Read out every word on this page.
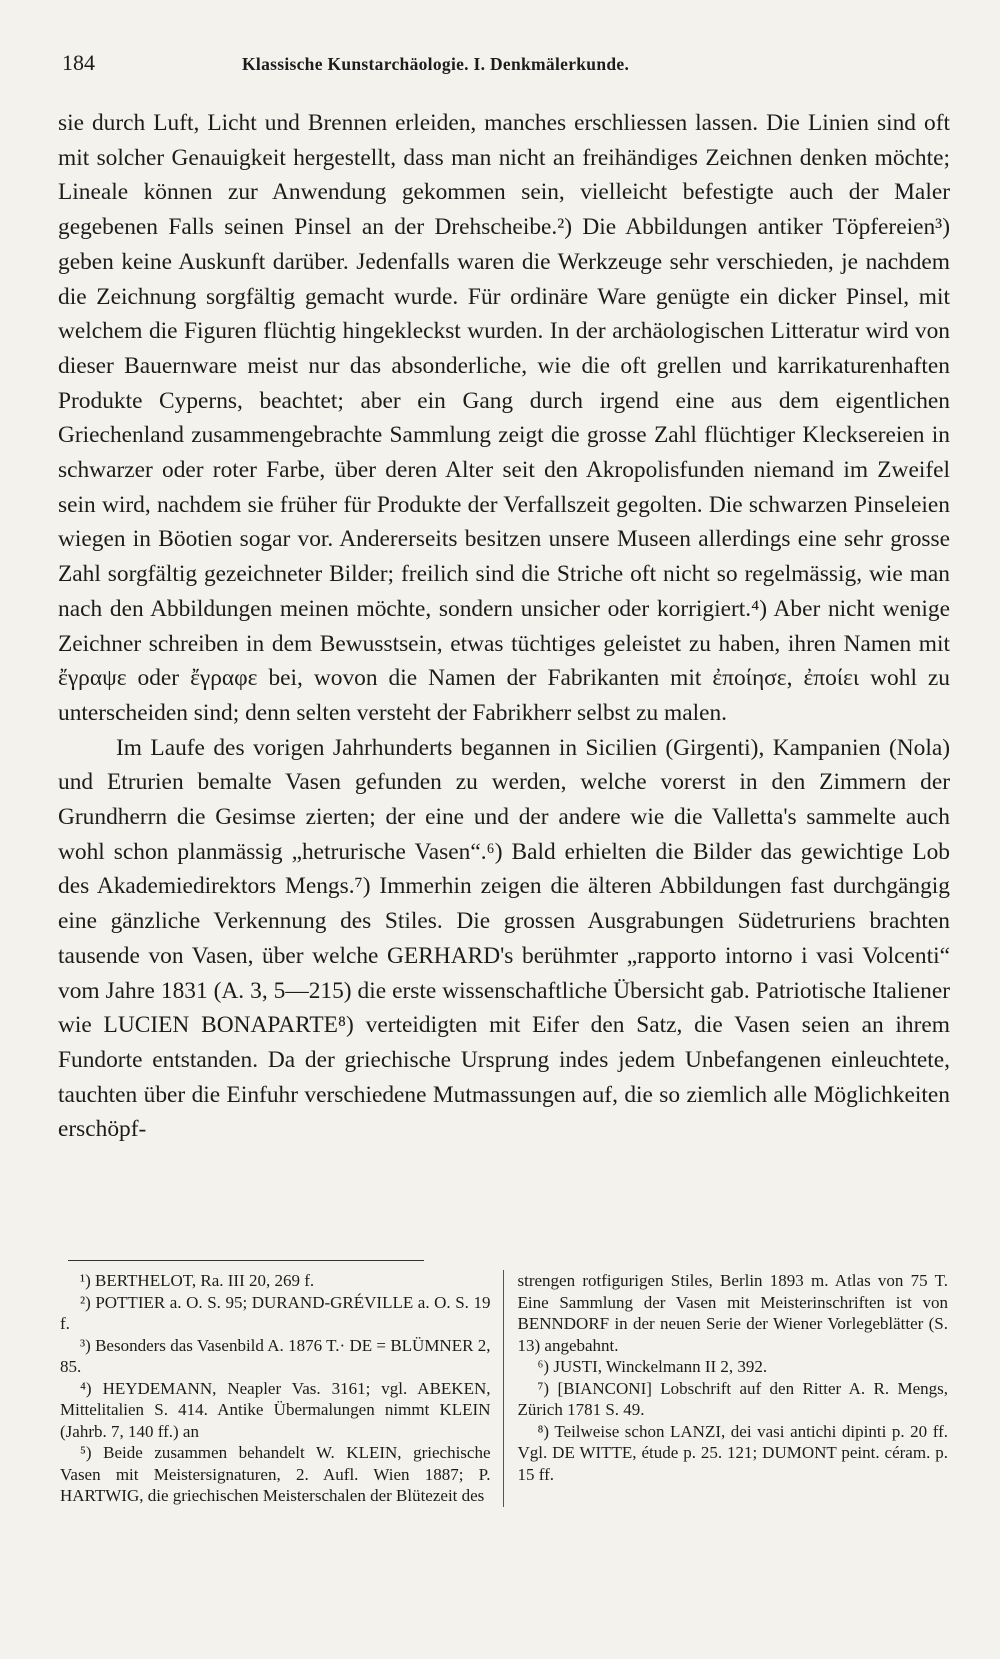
184	Klassische Kunstarchäologie. I. Denkmälerkunde.

sie durch Luft, Licht und Brennen erleiden, manches erschliessen lassen. Die Linien sind oft mit solcher Genauigkeit hergestellt, dass man nicht an freihändiges Zeichnen denken möchte; Lineale können zur Anwendung gekommen sein, vielleicht befestigte auch der Maler gegebenen Falls seinen Pinsel an der Drehscheibe.²) Die Abbildungen antiker Töpfereien³) geben keine Auskunft darüber. Jedenfalls waren die Werkzeuge sehr verschieden, je nachdem die Zeichnung sorgfältig gemacht wurde. Für ordinäre Ware genügte ein dicker Pinsel, mit welchem die Figuren flüchtig hingekleckst wurden. In der archäologischen Litteratur wird von dieser Bauernware meist nur das absonderliche, wie die oft grellen und karrikaturenhaften Produkte Cyperns, beachtet; aber ein Gang durch irgend eine aus dem eigentlichen Griechenland zusammengebrachte Sammlung zeigt die grosse Zahl flüchtiger Klecksereien in schwarzer oder roter Farbe, über deren Alter seit den Akropolisfunden niemand im Zweifel sein wird, nachdem sie früher für Produkte der Verfallszeit gegolten. Die schwarzen Pinseleien wiegen in Böotien sogar vor. Andererseits besitzen unsere Museen allerdings eine sehr grosse Zahl sorgfältig gezeichneter Bilder; freilich sind die Striche oft nicht so regelmässig, wie man nach den Abbildungen meinen möchte, sondern unsicher oder korrigiert.⁴) Aber nicht wenige Zeichner schreiben in dem Bewusstsein, etwas tüchtiges geleistet zu haben, ihren Namen mit ἔγραψε oder ἔγραφε bei, wovon die Namen der Fabrikanten mit ἐποίησε, ἐποίει wohl zu unterscheiden sind; denn selten versteht der Fabrikherr selbst zu malen.

Im Laufe des vorigen Jahrhunderts begannen in Sicilien (Girgenti), Kampanien (Nola) und Etrurien bemalte Vasen gefunden zu werden, welche vorerst in den Zimmern der Grundherrn die Gesimse zierten; der eine und der andere wie die Valletta's sammelte auch wohl schon planmässig „hetrurische Vasen“.⁶) Bald erhielten die Bilder das gewichtige Lob des Akademiedirektors Mengs.⁷) Immerhin zeigen die älteren Abbildungen fast durchgängig eine gänzliche Verkennung des Stiles. Die grossen Ausgrabungen Südetruriens brachten tausende von Vasen, über welche GERHARD's berühmter „rapporto intorno i vasi Volcenti“ vom Jahre 1831 (A. 3, 5—215) die erste wissenschaftliche Übersicht gab. Patriotische Italiener wie LUCIEN BONAPARTE⁸) verteidigten mit Eifer den Satz, die Vasen seien an ihrem Fundorte entstanden. Da der griechische Ursprung indes jedem Unbefangenen einleuchtete, tauchten über die Einfuhr verschiedene Mutmassungen auf, die so ziemlich alle Möglichkeiten erschöpf-

¹) BERTHELOT, Ra. III 20, 269 f.

²) POTTIER a. O. S. 95; DURAND-GRÉVILLE a. O. S. 19 f.

³) Besonders das Vasenbild A. 1876 T.· DE = BLÜMNER 2, 85.

⁴) HEYDEMANN, Neapler Vas. 3161; vgl. ABEKEN, Mittelitalien S. 414. Antike Übermalungen nimmt KLEIN (Jahrb. 7, 140 ff.) an

⁵) Beide zusammen behandelt W. KLEIN, griechische Vasen mit Meistersignaturen, 2. Aufl. Wien 1887; P. HARTWIG, die griechischen Meisterschalen der Blütezeit des

strengen rotfigurigen Stiles, Berlin 1893 m. Atlas von 75 T. Eine Sammlung der Vasen mit Meisterinschriften ist von BENNDORF in der neuen Serie der Wiener Vorlegeblätter (S. 13) angebahnt.

⁶) JUSTI, Winckelmann II 2, 392.

⁷) [BIANCONI] Lobschrift auf den Ritter A. R. Mengs, Zürich 1781 S. 49.

⁸) Teilweise schon LANZI, dei vasi antichi dipinti p. 20 ff. Vgl. DE WITTE, étude p. 25. 121; DUMONT peint. céram. p. 15 ff.
